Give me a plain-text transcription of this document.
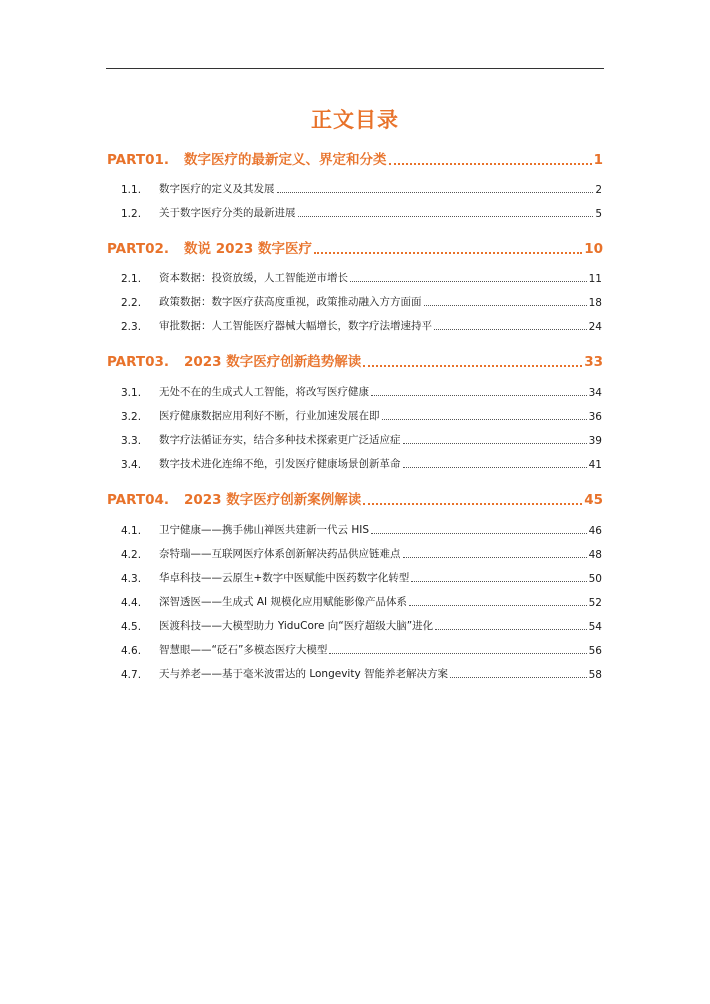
正文目录
PART01.	数字医疗的最新定义、界定和分类	1
1.1.	数字医疗的定义及其发展	2
1.2.	关于数字医疗分类的最新进展	5
PART02.	数说 2023 数字医疗	10
2.1.	资本数据：投资放缓，人工智能逆市增长	11
2.2.	政策数据：数字医疗获高度重视，政策推动融入方方面面	18
2.3.	审批数据：人工智能医疗器械大幅增长，数字疗法增速持平	24
PART03.	2023 数字医疗创新趋势解读	33
3.1.	无处不在的生成式人工智能，将改写医疗健康	34
3.2.	医疗健康数据应用利好不断，行业加速发展在即	36
3.3.	数字疗法循证夯实，结合多种技术探索更广泛适应症	39
3.4.	数字技术进化连绵不绝，引发医疗健康场景创新革命	41
PART04.	2023 数字医疗创新案例解读	45
4.1.	卫宁健康——携手佛山禅医共建新一代云 HIS	46
4.2.	奈特瑞——互联网医疗体系创新解决药品供应链难点	48
4.3.	华卓科技——云原生+数字中医赋能中医药数字化转型	50
4.4.	深智透医——生成式 AI 规模化应用赋能影像产品体系	52
4.5.	医渡科技——大模型助力 YiduCore 向“医疗超级大脑”进化	54
4.6.	智慧眼——“砭石”多模态医疗大模型	56
4.7.	天与养老——基于毫米波雷达的 Longevity 智能养老解决方案	58
